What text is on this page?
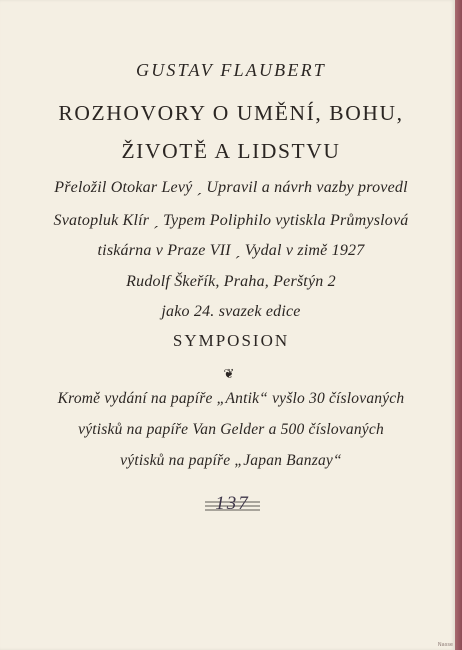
GUSTAV FLAUBERT
ROZHOVORY O UMĚNÍ, BOHU,
ŽIVOTĚ A LIDSTVU
Přeložil Otokar Levý ˏ Upravil a návrh vazby provedl
Svatopluk Klír ˏ Typem Poliphilo vytiskla Průmyslová
tiskárna v Praze VII ˏ Vydal v zimě 1927
Rudolf Škeřík, Praha, Perštýn 2
jako 24. svazek edice
SYMPOSION
❦
Kromě vydání na papíře „Antik“ vyšlo 30 číslovaných
výtisků na papíře Van Gelder a 500 číslovaných
výtisků na papíře „Japan Banzay“
137
Nasse
